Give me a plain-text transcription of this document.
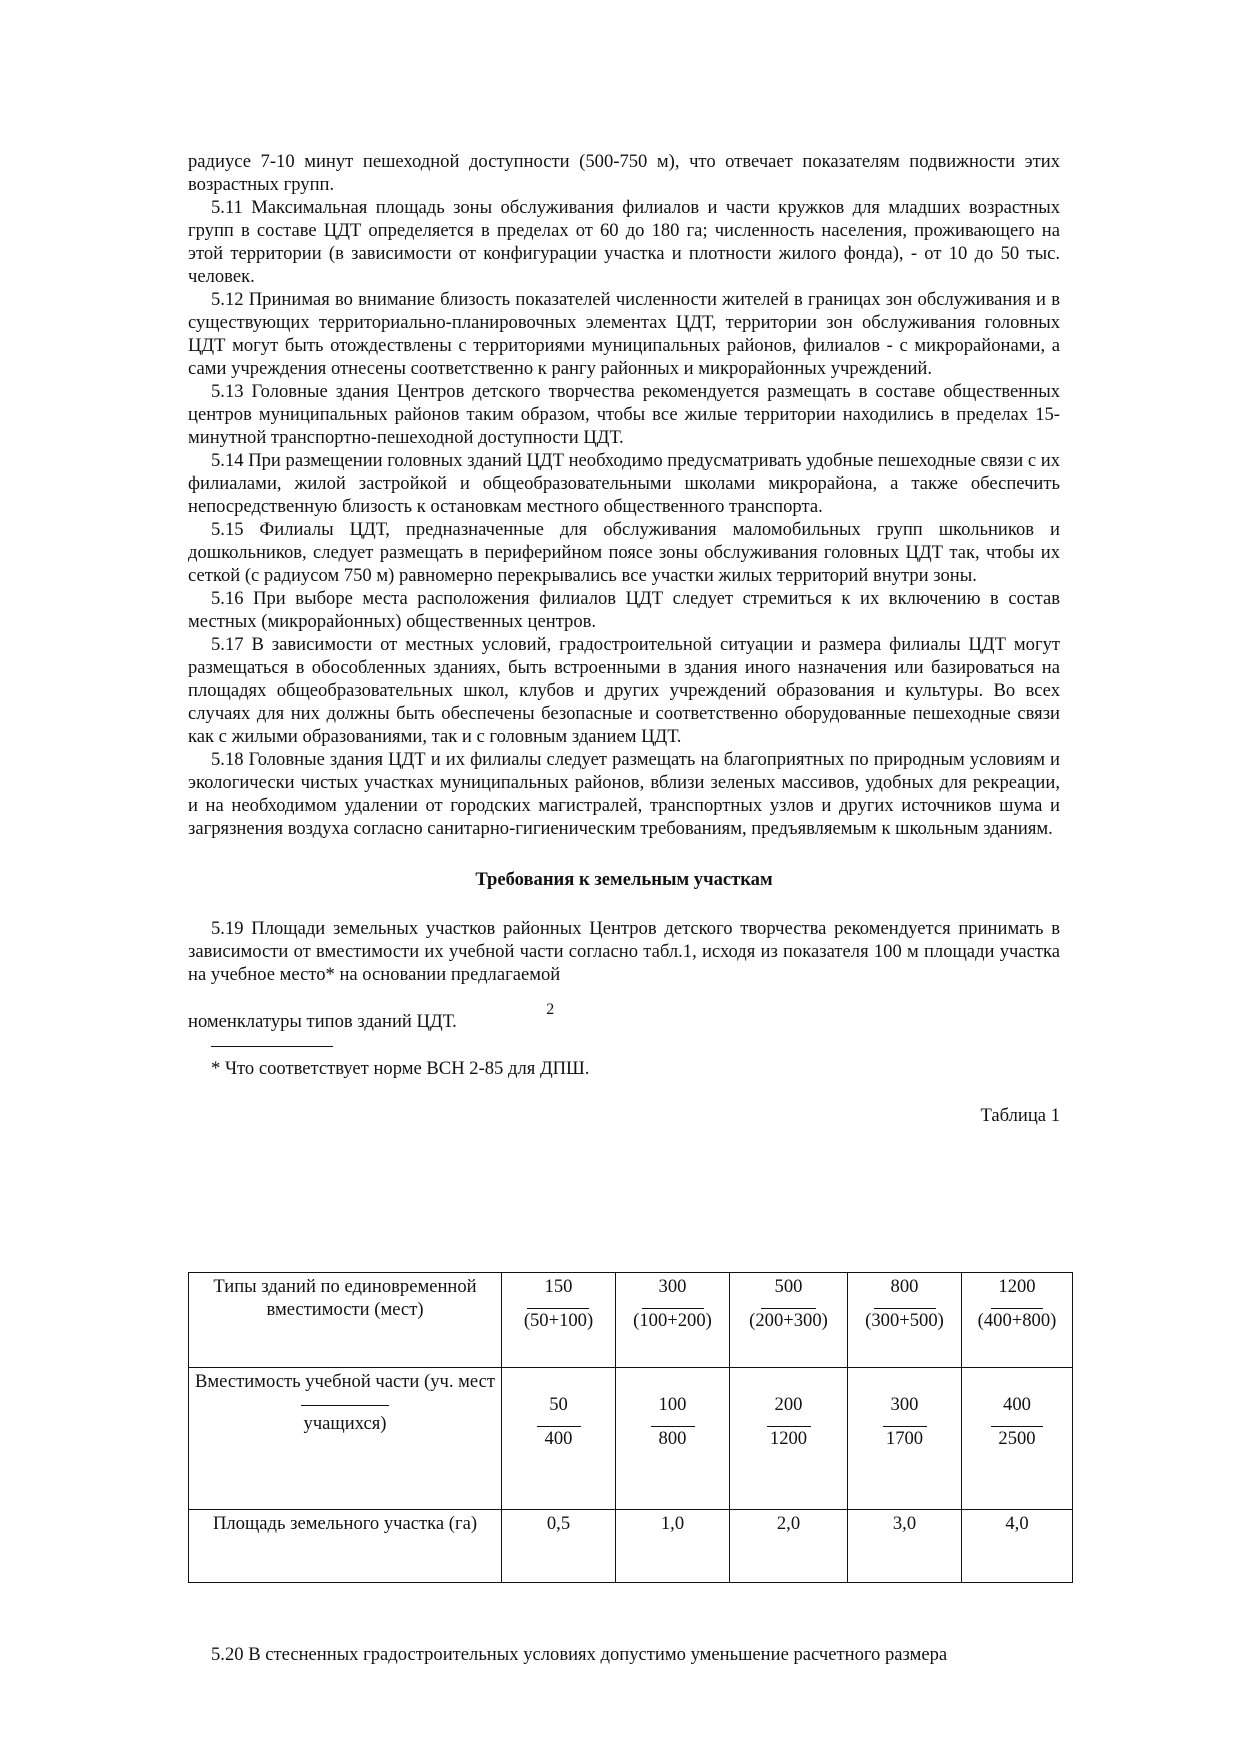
радиусе 7-10 минут пешеходной доступности (500-750 м), что отвечает показателям подвижности этих возрастных групп.

5.11 Максимальная площадь зоны обслуживания филиалов и части кружков для младших возрастных групп в составе ЦДТ определяется в пределах от 60 до 180 га; численность населения, проживающего на этой территории (в зависимости от конфигурации участка и плотности жилого фонда), - от 10 до 50 тыс. человек.

5.12 Принимая во внимание близость показателей численности жителей в границах зон обслуживания и в существующих территориально-планировочных элементах ЦДТ, территории зон обслуживания головных ЦДТ могут быть отождествлены с территориями муниципальных районов, филиалов - с микрорайонами, а сами учреждения отнесены соответственно к рангу районных и микрорайонных учреждений.

5.13 Головные здания Центров детского творчества рекомендуется размещать в составе общественных центров муниципальных районов таким образом, чтобы все жилые территории находились в пределах 15-минутной транспортно-пешеходной доступности ЦДТ.

5.14 При размещении головных зданий ЦДТ необходимо предусматривать удобные пешеходные связи с их филиалами, жилой застройкой и общеобразовательными школами микрорайона, а также обеспечить непосредственную близость к остановкам местного общественного транспорта.

5.15 Филиалы ЦДТ, предназначенные для обслуживания маломобильных групп школьников и дошкольников, следует размещать в периферийном поясе зоны обслуживания головных ЦДТ так, чтобы их сеткой (с радиусом 750 м) равномерно перекрывались все участки жилых территорий внутри зоны.

5.16 При выборе места расположения филиалов ЦДТ следует стремиться к их включению в состав местных (микрорайонных) общественных центров.

5.17 В зависимости от местных условий, градостроительной ситуации и размера филиалы ЦДТ могут размещаться в обособленных зданиях, быть встроенными в здания иного назначения или базироваться на площадях общеобразовательных школ, клубов и других учреждений образования и культуры. Во всех случаях для них должны быть обеспечены безопасные и соответственно оборудованные пешеходные связи как с жилыми образованиями, так и с головным зданием ЦДТ.

5.18 Головные здания ЦДТ и их филиалы следует размещать на благоприятных по природным условиям и экологически чистых участках муниципальных районов, вблизи зеленых массивов, удобных для рекреации, и на необходимом удалении от городских магистралей, транспортных узлов и других источников шума и загрязнения воздуха согласно санитарно-гигиеническим требованиям, предъявляемым к школьным зданиям.

Требования к земельным участкам

5.19 Площади земельных участков районных Центров детского творчества рекомендуется принимать в зависимости от вместимости их учебной части согласно табл.1, исходя из показателя 100 м площади участка на учебное место* на основании предлагаемой
2

номенклатуры типов зданий ЦДТ.

* Что соответствует норме ВСН 2-85 для ДПШ.

Таблица 1

Типы зданий по единовременной вместимости (мест)	$\frac{150}{(50+100)}$	$\frac{300}{(100+200)}$	$\frac{500}{(200+300)}$	$\frac{800}{(300+500)}$	$\frac{1200}{(400+800)}$

Вместимость учебной части (уч. мест
учащихся)	$\frac{50}{400}$	$\frac{100}{800}$	$\frac{200}{1200}$	$\frac{300}{1700}$	$\frac{400}{2500}$

Площадь земельного участка (га)	0,5	1,0	2,0	3,0	4,0

5.20 В стесненных градостроительных условиях допустимо уменьшение расчетного размера
